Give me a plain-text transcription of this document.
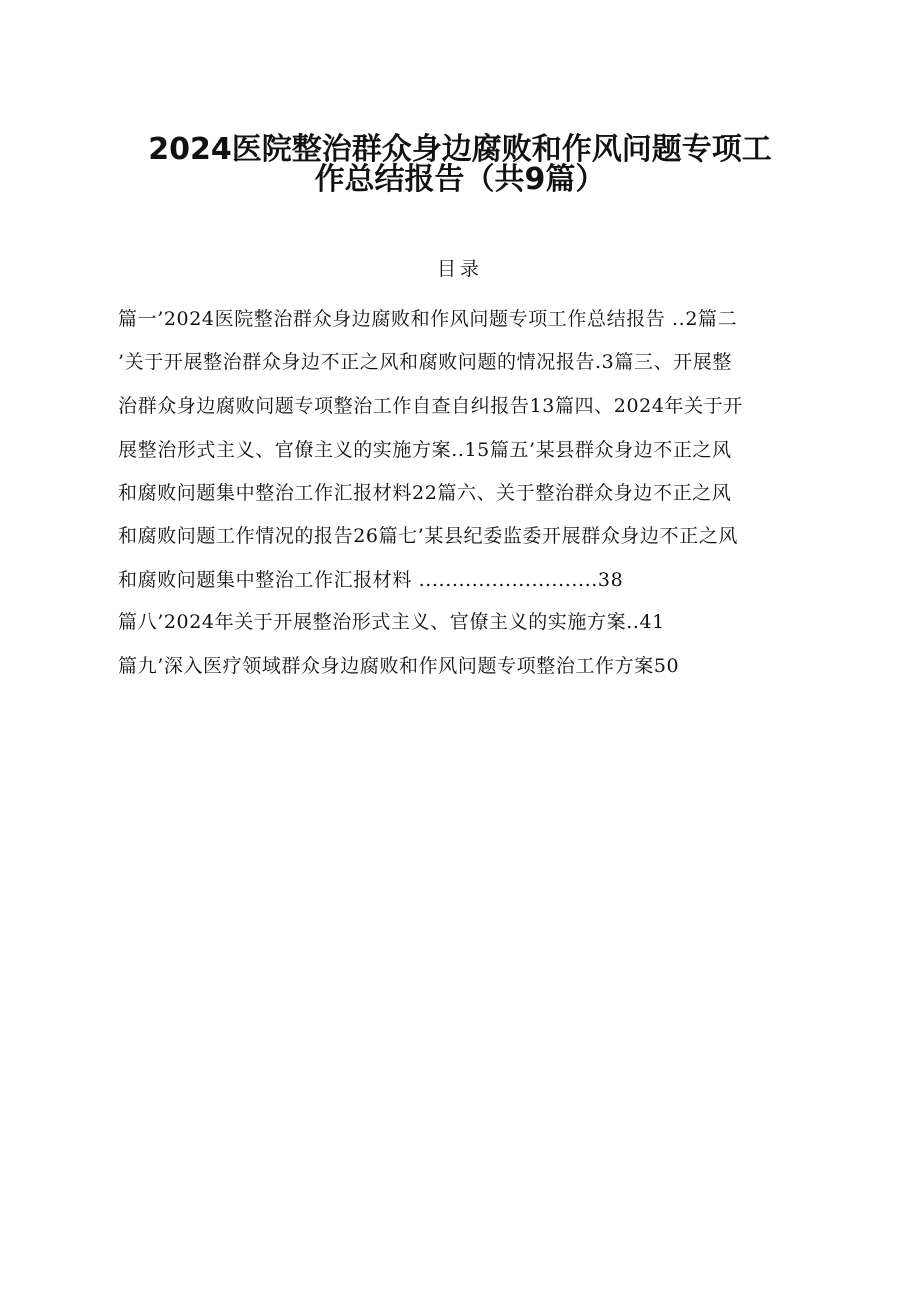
2024医院整治群众身边腐败和作风问题专项工
作总结报告（共9篇）
目录
篇一’2024医院整治群众身边腐败和作风问题专项工作总结报告 ..2篇二
’关于开展整治群众身边不正之风和腐败问题的情况报告.3篇三、开展整
治群众身边腐败问题专项整治工作自查自纠报告13篇四、2024年关于开
展整治形式主义、官僚主义的实施方案..15篇五’某县群众身边不正之风
和腐败问题集中整治工作汇报材料22篇六、关于整治群众身边不正之风
和腐败问题工作情况的报告26篇七’某县纪委监委开展群众身边不正之风
和腐败问题集中整治工作汇报材料 ...........................38
篇八’2024年关于开展整治形式主义、官僚主义的实施方案..41
篇九’深入医疗领域群众身边腐败和作风问题专项整治工作方案50
